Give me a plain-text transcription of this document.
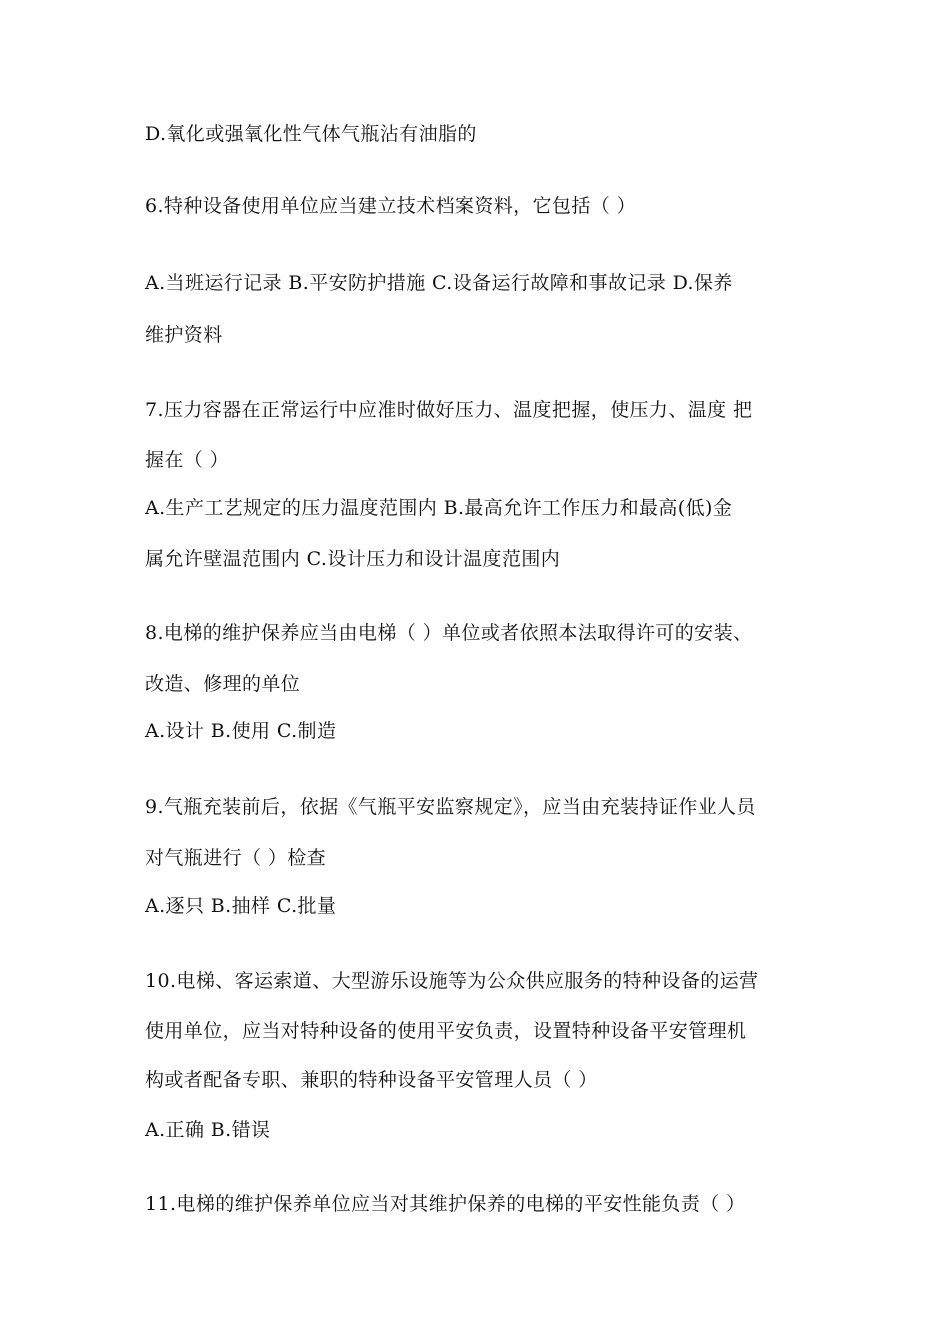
D.氧化或强氧化性气体气瓶沾有油脂的
6.特种设备使用单位应当建立技术档案资料，它包括（ ）
A.当班运行记录 B.平安防护措施 C.设备运行故障和事故记录 D.保养
维护资料
7.压力容器在正常运行中应准时做好压力、温度把握，使压力、温度 把
握在（ ）
A.生产工艺规定的压力温度范围内 B.最高允许工作压力和最高(低)金
属允许壁温范围内 C.设计压力和设计温度范围内
8.电梯的维护保养应当由电梯（ ）单位或者依照本法取得许可的安装、
改造、修理的单位
A.设计 B.使用 C.制造
9.气瓶充装前后，依据《气瓶平安监察规定》，应当由充装持证作业人员
对气瓶进行（ ）检查
A.逐只 B.抽样 C.批量
10.电梯、客运索道、大型游乐设施等为公众供应服务的特种设备的运营
使用单位，应当对特种设备的使用平安负责，设置特种设备平安管理机
构或者配备专职、兼职的特种设备平安管理人员（ ）
A.正确 B.错误
11.电梯的维护保养单位应当对其维护保养的电梯的平安性能负责（ ）
